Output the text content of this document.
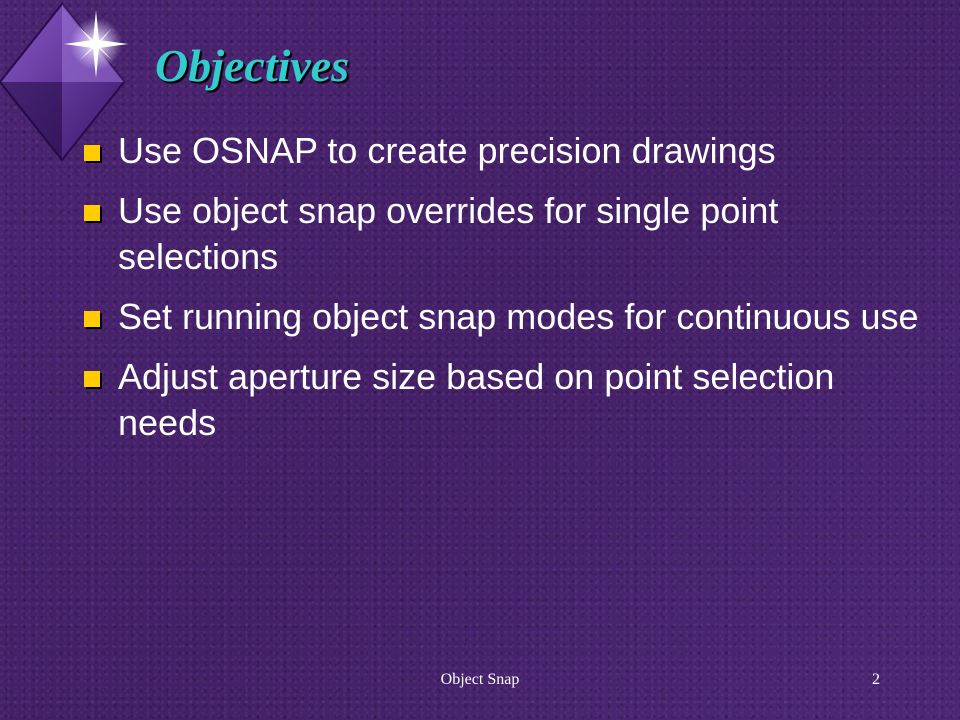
Objectives
Use OSNAP to create precision drawings
Use object snap overrides for single point selections
Set running object snap modes for continuous use
Adjust aperture size based on point selection needs
Object Snap	2
